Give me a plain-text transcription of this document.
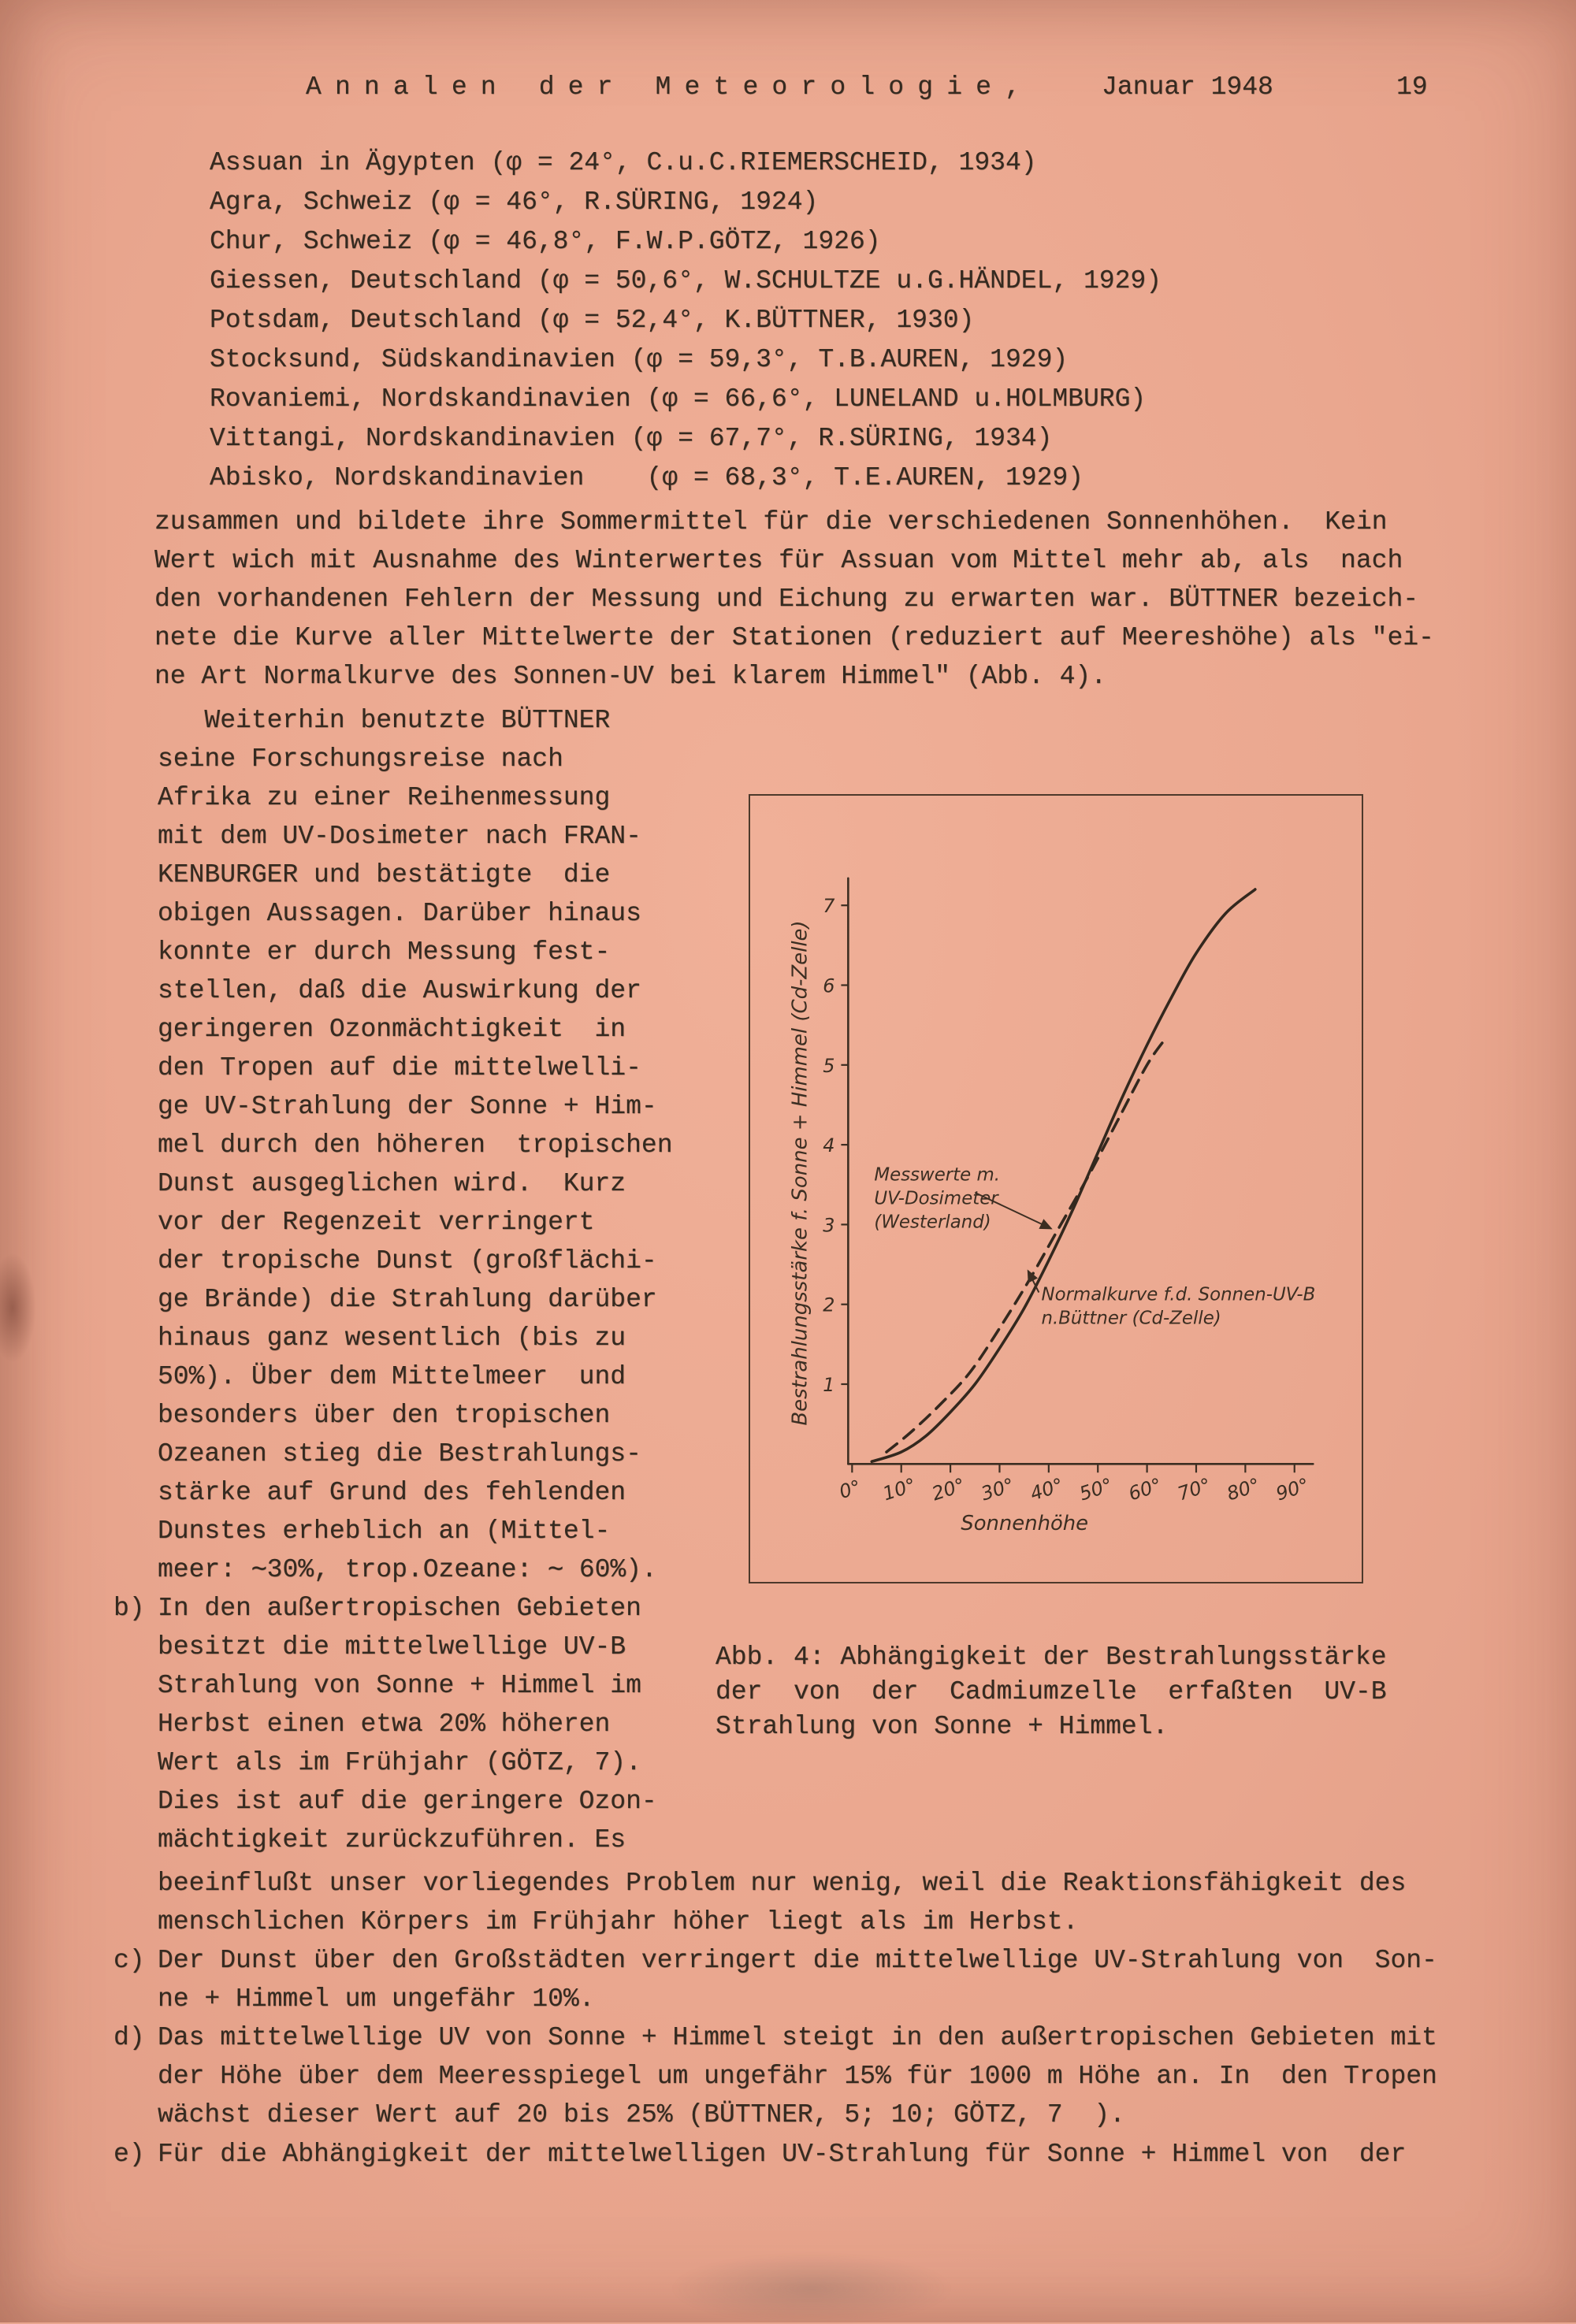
Annalen der Meteorologie,	Januar 1948	19
Assuan in Ägypten (φ = 24°, C.u.C.RIEMERSCHEID, 1934)
Agra, Schweiz (φ = 46°, R.SÜRING, 1924)
Chur, Schweiz (φ = 46,8°, F.W.P.GÖTZ, 1926)
Giessen, Deutschland (φ = 50,6°, W.SCHULTZE u.G.HÄNDEL, 1929)
Potsdam, Deutschland (φ = 52,4°, K.BÜTTNER, 1930)
Stocksund, Südskandinavien (φ = 59,3°, T.B.AUREN, 1929)
Rovaniemi, Nordskandinavien (φ = 66,6°, LUNELAND u.HOLMBURG)
Vittangi, Nordskandinavien (φ = 67,7°, R.SÜRING, 1934)
Abisko, Nordskandinavien    (φ = 68,3°, T.E.AUREN, 1929)
zusammen und bildete ihre Sommermittel für die verschiedenen Sonnenhöhen.  Kein
Wert wich mit Ausnahme des Winterwertes für Assuan vom Mittel mehr ab, als  nach
den vorhandenen Fehlern der Messung und Eichung zu erwarten war. BÜTTNER bezeich-
nete die Kurve aller Mittelwerte der Stationen (reduziert auf Meereshöhe) als "ei-
ne Art Normalkurve des Sonnen-UV bei klarem Himmel" (Abb. 4).
Weiterhin benutzte BÜTTNER
seine Forschungsreise nach
Afrika zu einer Reihenmessung
mit dem UV-Dosimeter nach FRAN-
KENBURGER und bestätigte  die
obigen Aussagen. Darüber hinaus
konnte er durch Messung fest-
stellen, daß die Auswirkung der
geringeren Ozonmächtigkeit  in
den Tropen auf die mittelwelli-
ge UV-Strahlung der Sonne + Him-
mel durch den höheren  tropischen
Dunst ausgeglichen wird.  Kurz
vor der Regenzeit verringert
der tropische Dunst (großflächi-
ge Brände) die Strahlung darüber
hinaus ganz wesentlich (bis zu
50%). Über dem Mittelmeer  und
besonders über den tropischen
Ozeanen stieg die Bestrahlungs-
stärke auf Grund des fehlenden
Dunstes erheblich an (Mittel-
meer: ∼30%, trop.Ozeane: ∼ 60%).
b) In den außertropischen Gebieten
besitzt die mittelwellige UV-B
Strahlung von Sonne + Himmel im
Herbst einen etwa 20% höheren
Wert als im Frühjahr (GÖTZ, 7).
Dies ist auf die geringere Ozon-
mächtigkeit zurückzuführen. Es
0° 10° 20° 30° 40° 50° 60° 70° 80° 90°
1
2
3
4
5
6
7
Sonnenhöhe
Bestrahlungsstärke f. Sonne + Himmel (Cd-Zelle)	Messwerte m.
UV-Dosimeter
(Westerland)
Normalkurve f.d. Sonnen-UV-B
n.Büttner (Cd-Zelle)
Abb. 4: Abhängigkeit der Bestrahlungsstärke
der  von  der  Cadmiumzelle  erfaßten  UV-B
Strahlung von Sonne + Himmel.
beeinflußt unser vorliegendes Problem nur wenig, weil die Reaktionsfähigkeit des
menschlichen Körpers im Frühjahr höher liegt als im Herbst.
c) Der Dunst über den Großstädten verringert die mittelwellige UV-Strahlung von  Son-
ne + Himmel um ungefähr 10%.
d) Das mittelwellige UV von Sonne + Himmel steigt in den außertropischen Gebieten mit
der Höhe über dem Meeresspiegel um ungefähr 15% für 1000 m Höhe an. In  den Tropen
wächst dieser Wert auf 20 bis 25% (BÜTTNER, 5; 10; GÖTZ, 7  ).
e) Für die Abhängigkeit der mittelwelligen UV-Strahlung für Sonne + Himmel von  der
